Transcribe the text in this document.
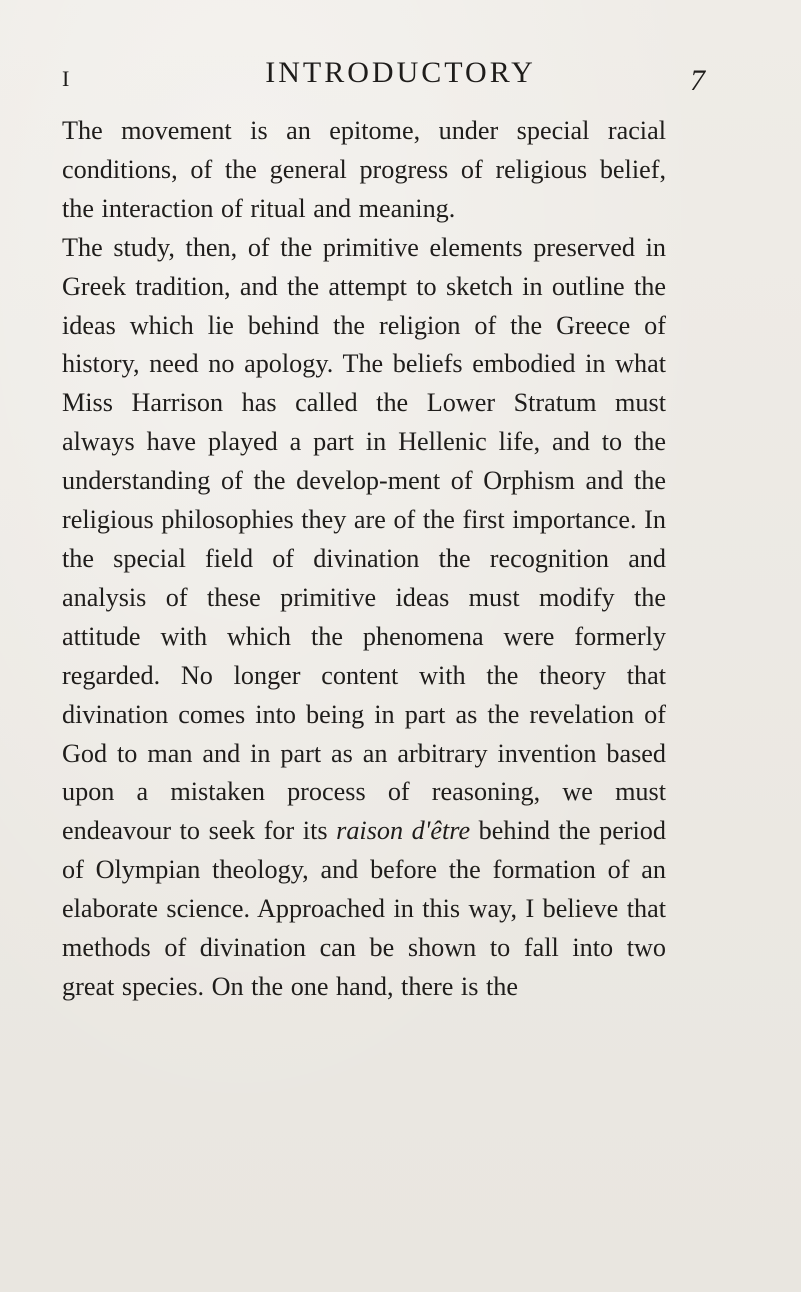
I	INTRODUCTORY	7

The movement is an epitome, under special racial conditions, of the general progress of religious belief, the interaction of ritual and meaning.

The study, then, of the primitive elements preserved in Greek tradition, and the attempt to sketch in outline the ideas which lie behind the religion of the Greece of history, need no apology. The beliefs embodied in what Miss Harrison has called the Lower Stratum must always have played a part in Hellenic life, and to the understanding of the develop-ment of Orphism and the religious philosophies they are of the first importance. In the special field of divination the recognition and analysis of these primitive ideas must modify the attitude with which the phenomena were formerly regarded. No longer content with the theory that divination comes into being in part as the revelation of God to man and in part as an arbitrary invention based upon a mistaken process of reasoning, we must endeavour to seek for its raison d'être behind the period of Olympian theology, and before the formation of an elaborate science. Approached in this way, I believe that methods of divination can be shown to fall into two great species. On the one hand, there is the
